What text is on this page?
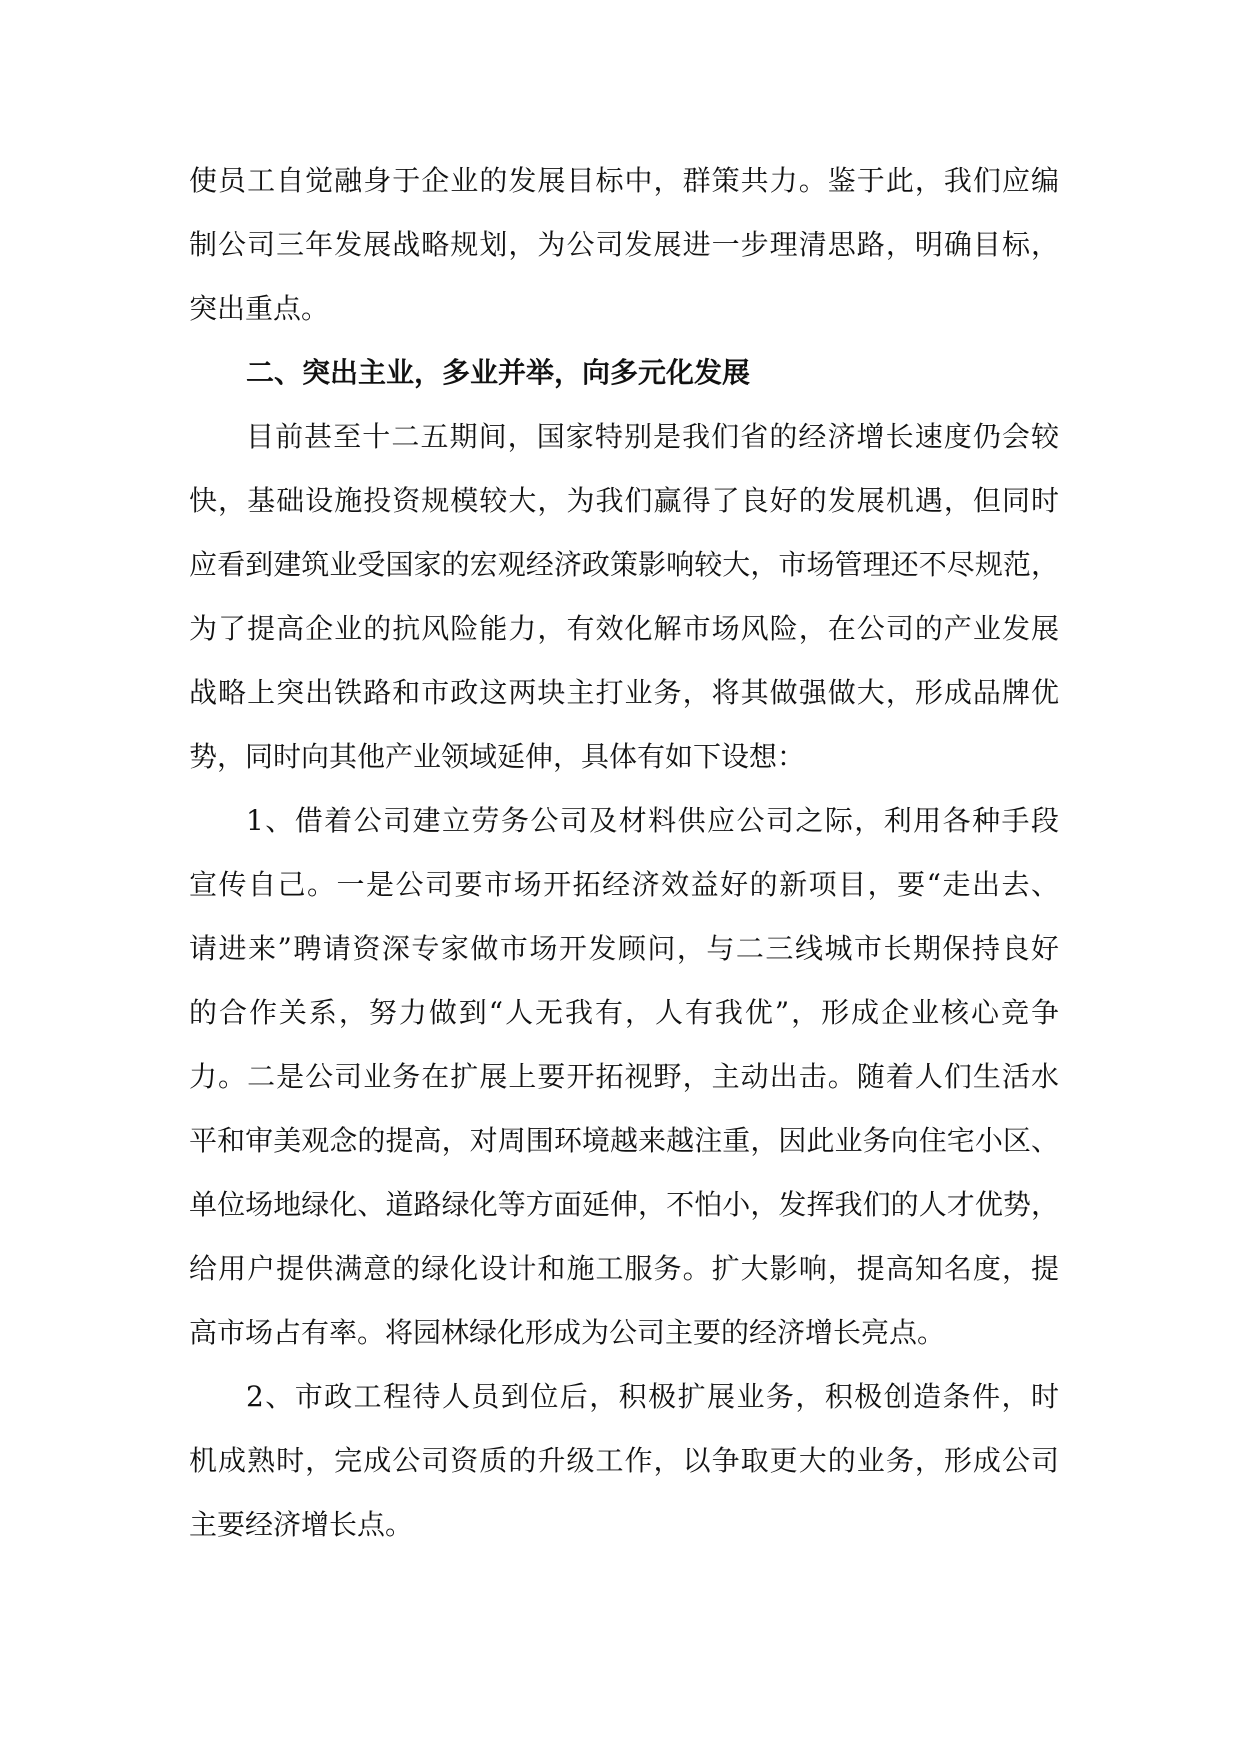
使员工自觉融身于企业的发展目标中，群策共力。鉴于此，我们应编
制公司三年发展战略规划，为公司发展进一步理清思路，明确目标，
突出重点。
二、突出主业，多业并举，向多元化发展
目前甚至十二五期间，国家特别是我们省的经济增长速度仍会较
快，基础设施投资规模较大，为我们赢得了良好的发展机遇，但同时
应看到建筑业受国家的宏观经济政策影响较大，市场管理还不尽规范，
为了提高企业的抗风险能力，有效化解市场风险，在公司的产业发展
战略上突出铁路和市政这两块主打业务，将其做强做大，形成品牌优
势，同时向其他产业领域延伸，具体有如下设想：
1、借着公司建立劳务公司及材料供应公司之际，利用各种手段
宣传自己。一是公司要市场开拓经济效益好的新项目，要“走出去、
请进来”聘请资深专家做市场开发顾问，与二三线城市长期保持良好
的合作关系，努力做到“人无我有，人有我优”，形成企业核心竞争
力。二是公司业务在扩展上要开拓视野，主动出击。随着人们生活水
平和审美观念的提高，对周围环境越来越注重，因此业务向住宅小区、
单位场地绿化、道路绿化等方面延伸，不怕小，发挥我们的人才优势，
给用户提供满意的绿化设计和施工服务。扩大影响，提高知名度，提
高市场占有率。将园林绿化形成为公司主要的经济增长亮点。
2、市政工程待人员到位后，积极扩展业务，积极创造条件，时
机成熟时，完成公司资质的升级工作，以争取更大的业务，形成公司
主要经济增长点。
